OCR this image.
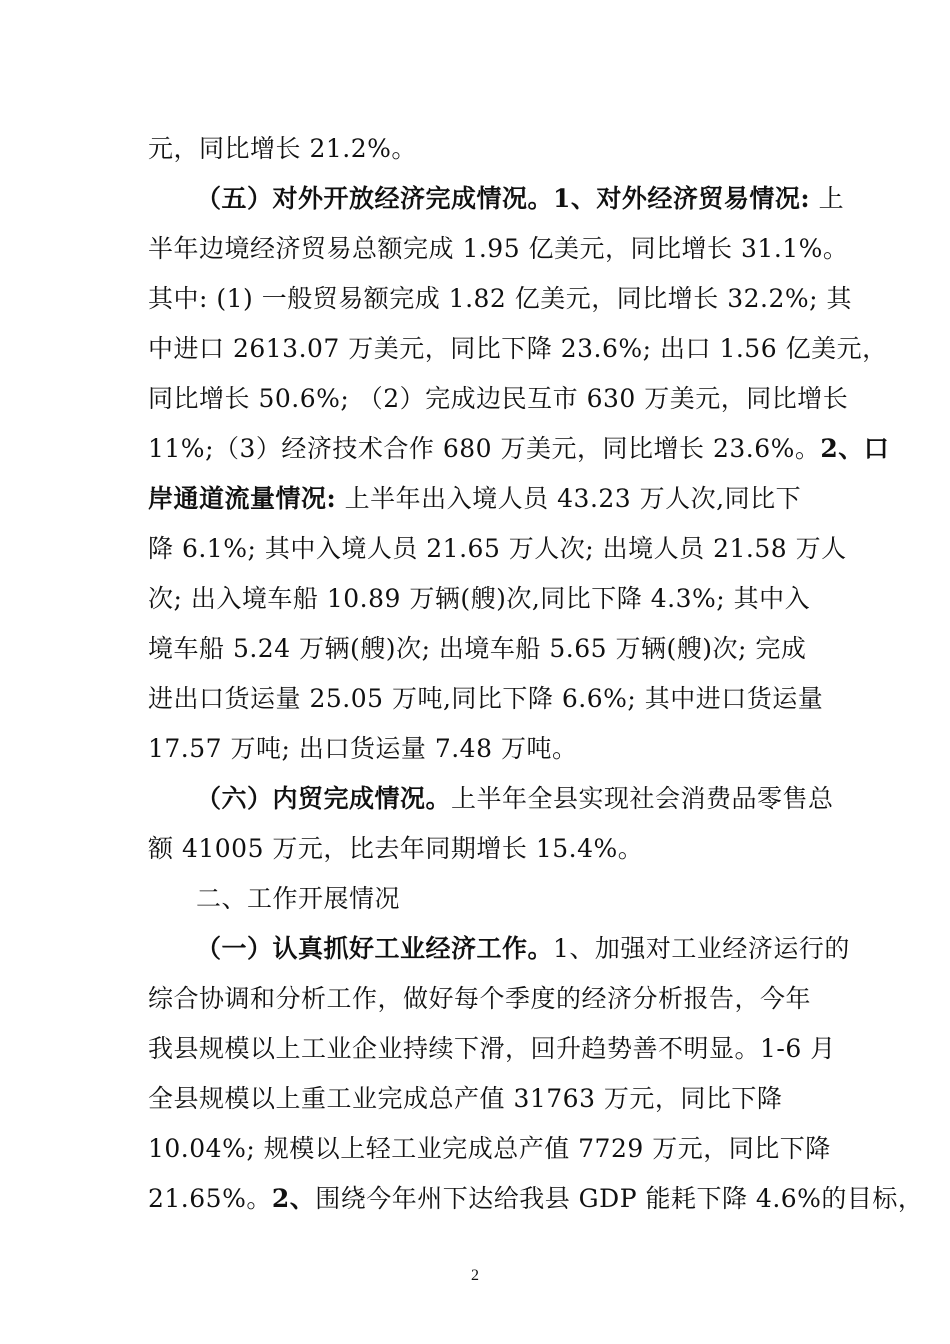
元，同比增长 21.2%。
（五）对外开放经济完成情况。1、对外经济贸易情况: 上
半年边境经济贸易总额完成 1.95 亿美元，同比增长 31.1%。
其中: (1) 一般贸易额完成 1.82 亿美元，同比增长 32.2%; 其
中进口 2613.07 万美元，同比下降 23.6%; 出口 1.56 亿美元，
同比增长 50.6%; （2）完成边民互市 630 万美元，同比增长
11%;（3）经济技术合作 680 万美元，同比增长 23.6%。2、口
岸通道流量情况: 上半年出入境人员 43.23 万人次,同比下
降 6.1%; 其中入境人员 21.65 万人次; 出境人员 21.58 万人
次; 出入境车船 10.89 万辆(艘)次,同比下降 4.3%; 其中入
境车船 5.24 万辆(艘)次; 出境车船 5.65 万辆(艘)次; 完成
进出口货运量 25.05 万吨,同比下降 6.6%; 其中进口货运量
17.57 万吨; 出口货运量 7.48 万吨。
（六）内贸完成情况。上半年全县实现社会消费品零售总
额 41005 万元，比去年同期增长 15.4%。
二、工作开展情况
（一）认真抓好工业经济工作。1、加强对工业经济运行的
综合协调和分析工作，做好每个季度的经济分析报告，今年
我县规模以上工业企业持续下滑，回升趋势善不明显。1-6 月
全县规模以上重工业完成总产值 31763 万元，同比下降
10.04%; 规模以上轻工业完成总产值 7729 万元，同比下降
21.65%。2、围绕今年州下达给我县 GDP 能耗下降 4.6%的目标，
2
